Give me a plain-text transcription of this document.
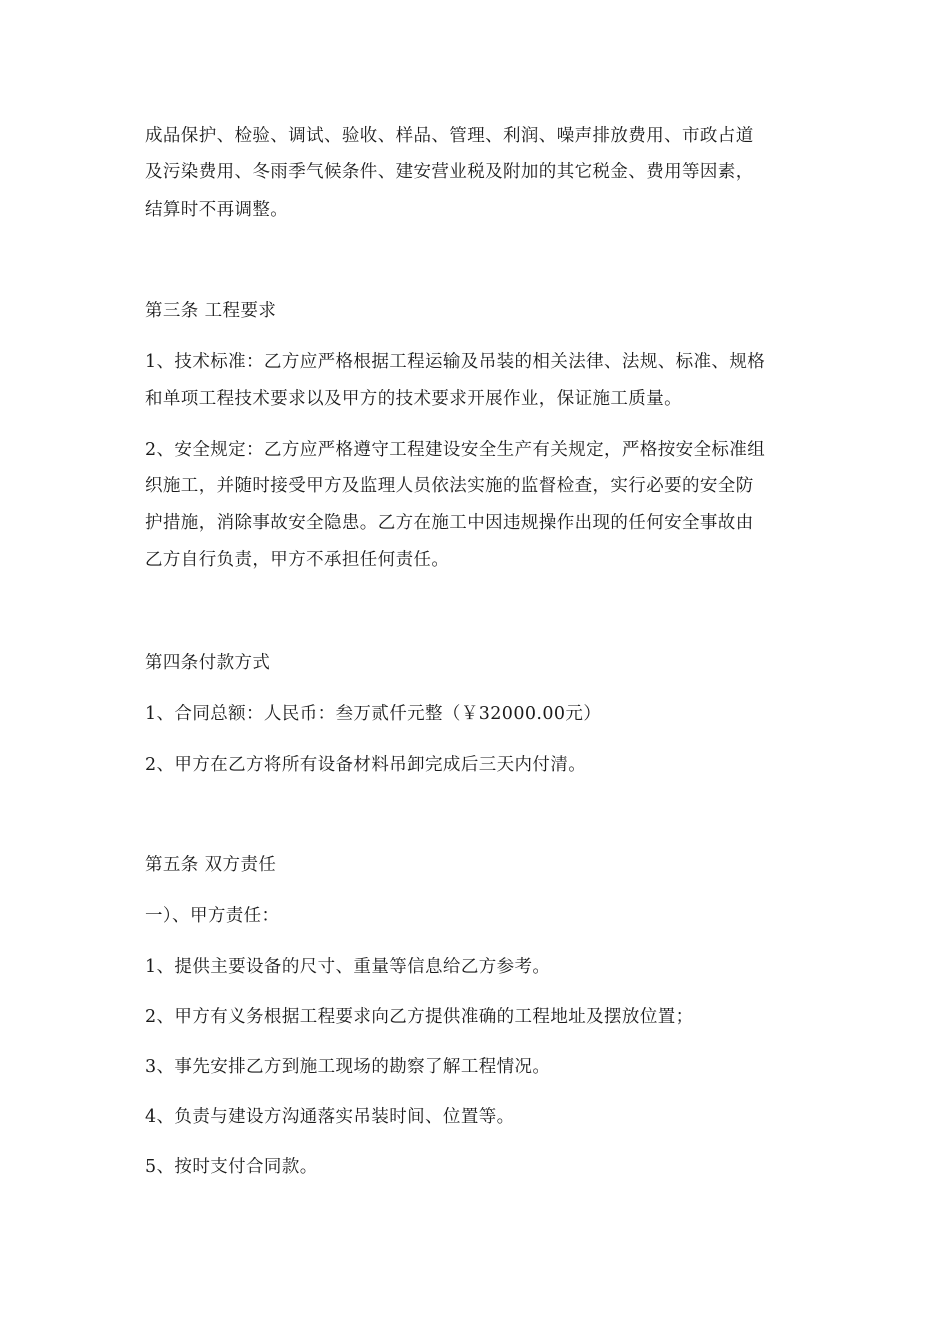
成品保护、检验、调试、验收、样品、管理、利润、噪声排放费用、市政占道
及污染费用、冬雨季气候条件、建安营业税及附加的其它税金、费用等因素，
结算时不再调整。
第三条 工程要求
1、技术标准：乙方应严格根据工程运输及吊装的相关法律、法规、标准、规格
和单项工程技术要求以及甲方的技术要求开展作业，保证施工质量。
2、安全规定：乙方应严格遵守工程建设安全生产有关规定，严格按安全标准组
织施工，并随时接受甲方及监理人员依法实施的监督检查，实行必要的安全防
护措施，消除事故安全隐患。乙方在施工中因违规操作出现的任何安全事故由
乙方自行负责，甲方不承担任何责任。
第四条付款方式
1、合同总额：人民币：叁万贰仟元整（￥32000.00元）
2、甲方在乙方将所有设备材料吊卸完成后三天内付清。
第五条 双方责任
一）、甲方责任：
1、提供主要设备的尺寸、重量等信息给乙方参考。
2、甲方有义务根据工程要求向乙方提供准确的工程地址及摆放位置；
3、事先安排乙方到施工现场的勘察了解工程情况。
4、负责与建设方沟通落实吊装时间、位置等。
5、按时支付合同款。
